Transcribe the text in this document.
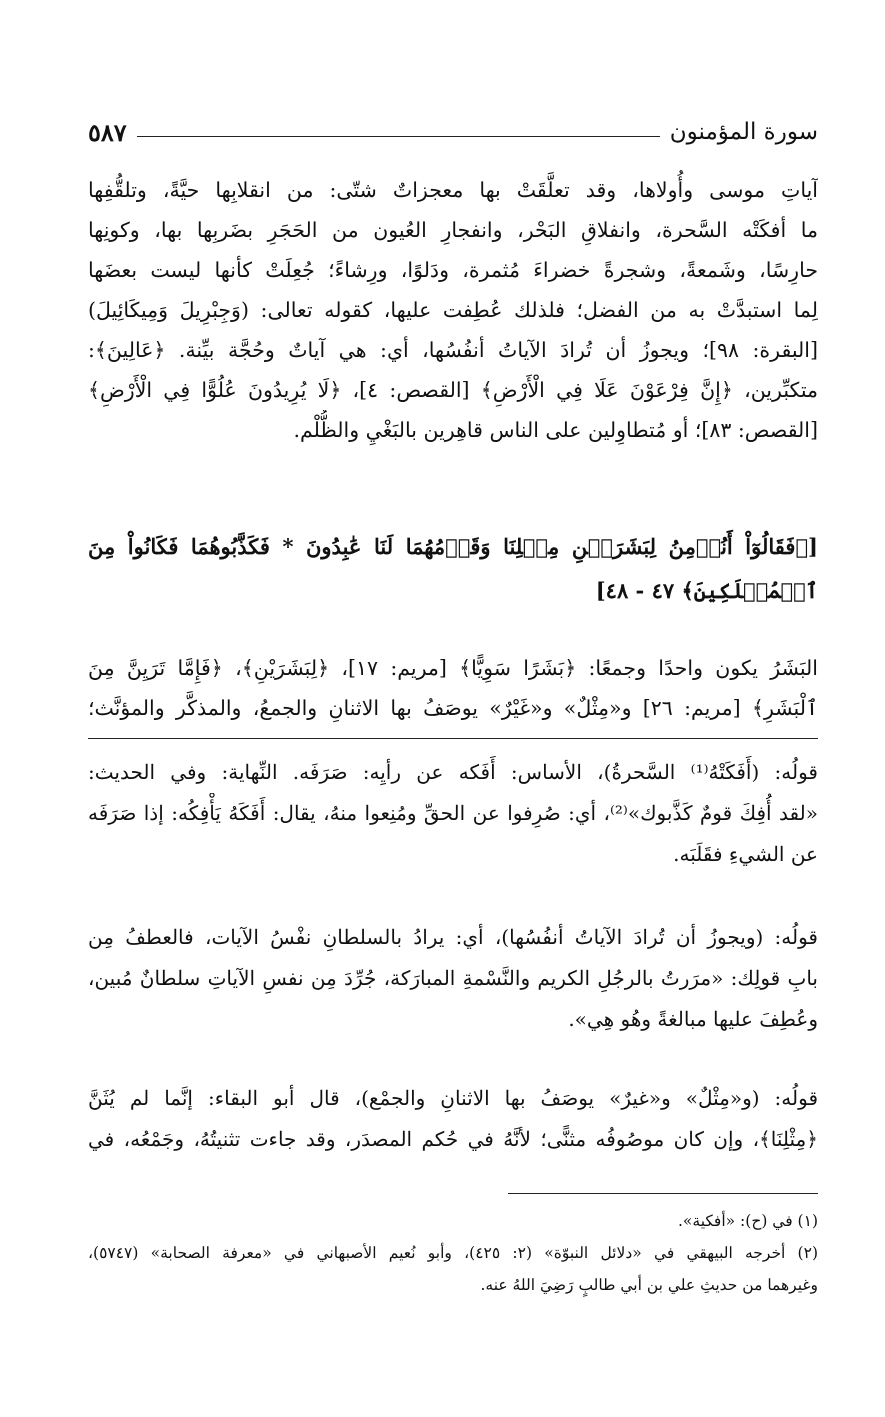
سورة المؤمنون
٥٨٧
آياتِ موسى وأُولاها، وقد تعلَّقَتْ بها معجزاتٌ شتّى: من انقلابِها حيَّةً، وتلقُّفِها
ما أفكَتْه السَّحرة، وانفلاقِ البَحْر، وانفجارِ العُيون من الحَجَرِ بضَربِها بها، وكونِها
حارِسًا، وشَمعةً، وشجرةً خضراءَ مُثمرة، ودَلوًا، ورِشاءً؛ جُعِلَتْ كأنها ليست بعضَها
لِما استبدَّتْ به من الفضل؛ فلذلك عُطِفت عليها، كقوله تعالى: (وَجِبْرِيلَ وَمِيكَائِيلَ)
[البقرة: ٩٨]؛ ويجوزُ أن تُرادَ الآياتُ أنفُسُها، أي: هي آياتٌ وحُجَّة بيِّنة. ﴿عَالِينَ﴾:
متكبِّرين، ﴿إِنَّ فِرْعَوْنَ عَلَا فِي الْأَرْضِ﴾ [القصص: ٤]، ﴿لَا يُرِيدُونَ عُلُوًّا فِي الْأَرْضِ﴾
[القصص: ٨٣]؛ أو مُتطاوِلين على الناس قاهِرين بالبَغْيِ والظُّلْم.
[﴿فَقَالُوٓاْ أَنُؤۡمِنُ لِبَشَرَيۡنِ مِثۡلِنَا وَقَوۡمُهُمَا لَنَا عَٰبِدُونَ * فَكَذَّبُوهُمَا فَكَانُواْ مِنَ
ٱلۡمُهۡلَكِينَ﴾ ٤٧ - ٤٨]
البَشَرُ يكون واحدًا وجمعًا: ﴿بَشَرًا سَوِيًّا﴾ [مريم: ١٧]، ﴿لِبَشَرَيْنِ﴾، ﴿فَإِمَّا تَرَيِنَّ مِنَ
ٱلْبَشَرِ﴾ [مريم: ٢٦] و«مِثْلٌ» و«غَيْرٌ» يوصَفُ بها الاثنانِ والجمعُ، والمذكَّر والمؤنَّث؛
قولُه: (أَفَكَتْهُ⁽¹⁾ السَّحرةُ)، الأساس: أَفَكه عن رأيِه: صَرَفَه. النِّهاية: وفي الحديث:
«لقد أُفِكَ قومٌ كَذَّبوك»⁽²⁾، أي: صُرِفوا عن الحقِّ ومُنِعوا منهُ، يقال: أَفَكَهُ يَأْفِكُه: إذا صَرَفَه
عن الشيءِ فقَلَبَه.
قولُه: (ويجوزُ أن تُرادَ الآياتُ أنفُسُها)، أي: يرادُ بالسلطانِ نفْسُ الآيات، فالعطفُ مِن
بابِ قولِك: «مرَرتُ بالرجُلِ الكريم والنَّسْمةِ المبارَكة، جُرِّدَ مِن نفسِ الآياتِ سلطانٌ مُبين،
وعُطِفَ عليها مبالغةً وهُو هِي».
قولُه: (و«مِثْلٌ» و«غيرٌ» يوصَفُ بها الاثنانِ والجمْع)، قال أبو البقاء: إنَّما لم يُثَنَّ
﴿مِثْلِنَا﴾، وإن كان موصُوفُه مثنًّى؛ لأنَّهُ في حُكم المصدَر، وقد جاءت تثنيتُهُ، وجَمْعُه، في
(١) في (ح): «أفكية».
(٢) أخرجه البيهقي في «دلائل النبوّة» (٢: ٤٢٥)، وأبو نُعيم الأصبهاني في «معرفة الصحابة» (٥٧٤٧)،
وغيرهما من حديثِ علي بن أبي طالبٍ رَضِيَ اللهُ عنه.
